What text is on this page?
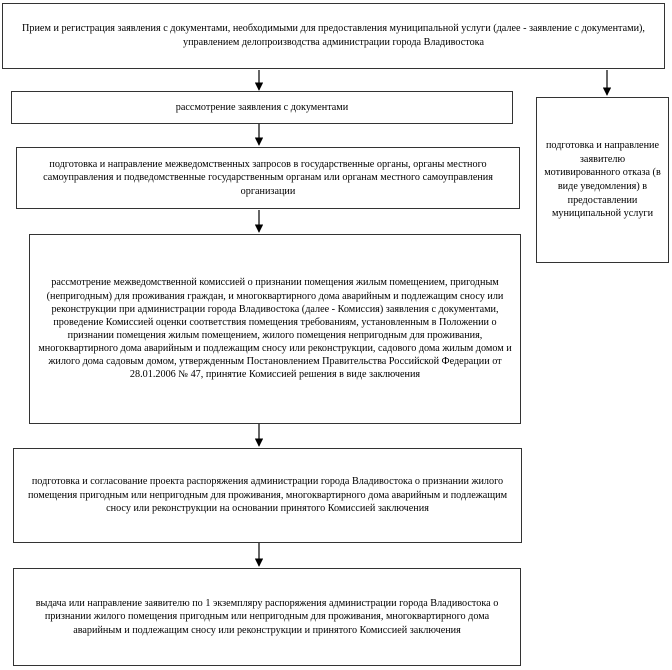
Прием и регистрация заявления с документами, необходимыми для предоставления муниципальной услуги (далее - заявление с документами), управлением делопроизводства администрации города Владивостока
рассмотрение заявления с документами
подготовка и направление заявителю мотивированного отказа (в виде уведомления) в предоставлении муниципальной услуги
подготовка и направление межведомственных запросов в государственные органы, органы местного самоуправления и подведомственные государственным органам или органам местного самоуправления организации
рассмотрение межведомственной комиссией о признании помещения жилым помещением, пригодным (непригодным) для проживания граждан, и многоквартирного дома аварийным и подлежащим сносу или реконструкции при администрации города Владивостока (далее - Комиссия) заявления с документами, проведение Комиссией оценки соответствия помещения требованиям, установленным в Положении о признании помещения жилым помещением, жилого помещения непригодным для проживания, многоквартирного дома аварийным и подлежащим сносу или реконструкции, садового дома жилым домом и жилого дома садовым домом, утвержденным Постановлением Правительства Российской Федерации от 28.01.2006 № 47, принятие Комиссией решения в виде заключения
подготовка и согласование проекта распоряжения администрации города Владивостока о признании жилого помещения пригодным или непригодным для проживания, многоквартирного дома аварийным и подлежащим сносу или реконструкции на основании принятого Комиссией заключения
выдача или направление заявителю по 1 экземпляру распоряжения администрации города Владивостока о признании жилого помещения пригодным или непригодным для проживания, многоквартирного дома аварийным и подлежащим сносу или реконструкции и принятого Комиссией заключения
